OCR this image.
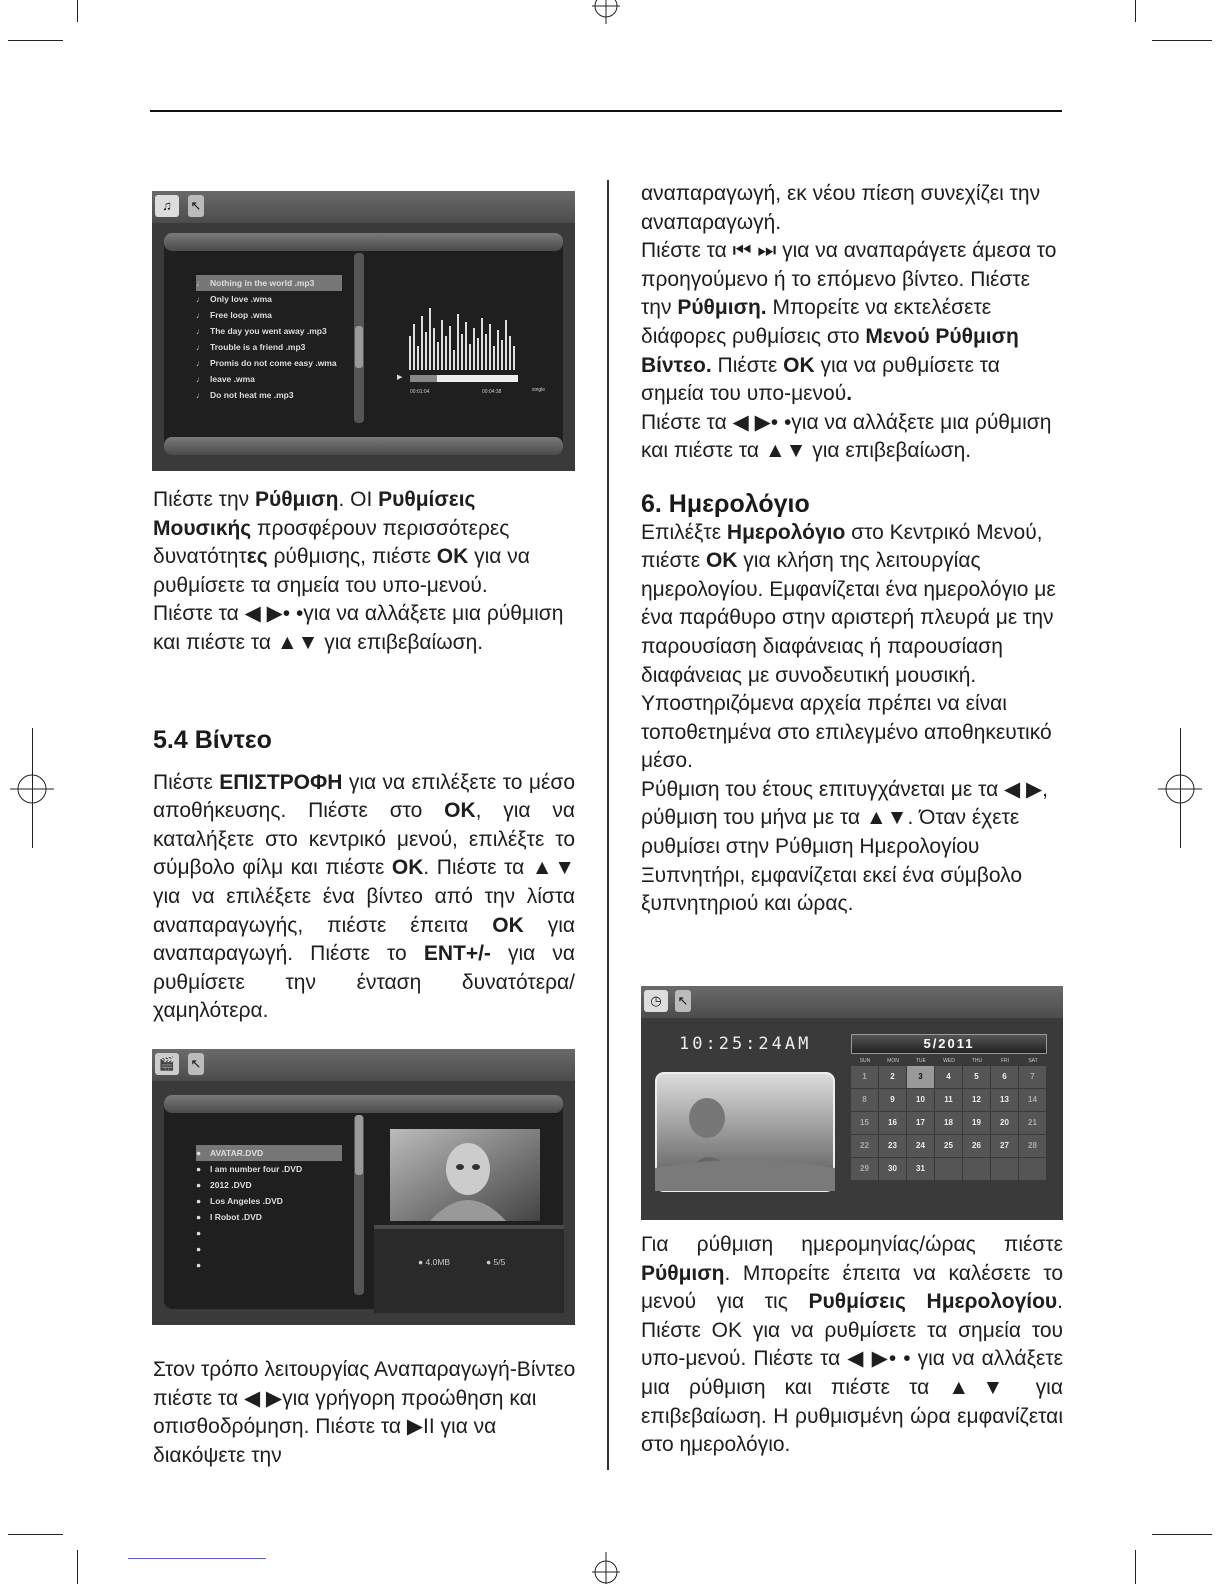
♫	↖
♩ Nothing in the world .mp3
♩ Only love .wma
♩ Free loop .wma
♩ The day you went away .mp3
♩ Trouble is a friend .mp3
♩ Promis do not come easy .wma
♩ leave .wma
♩ Do not heat me .mp3
▶
00:01:04	00:04:38	single

Πιέστε την Ρύθμιση. ΟΙ Ρυθμίσεις Μουσικής προσφέρουν περισσότερες δυνατότητες ρύθμισης, πιέστε OK για να ρυθμίσετε τα σημεία του υπο-μενού.

Πιέστε τα ◀ ▶• •για να αλλάξετε μια ρύθμιση και πιέστε τα ▲▼ για επιβεβαίωση.

5.4 Βίντεο

Πιέστε ΕΠΙΣΤΡΟΦΗ για να επιλέξετε το μέσο αποθήκευσης. Πιέστε στο OK, για να καταλήξετε στο κεντρικό μενού, επιλέξτε το σύμβολο φίλμ και πιέστε OK. Πιέστε τα ▲▼ για να επιλέξετε ένα βίντεο από την λίστα αναπαραγωγής, πιέστε έπειτα OK για αναπαραγωγή. Πιέστε το ΕΝΤ+/- για να ρυθμίσετε την ένταση δυνατότερα/χαμηλότερα.

🎬	↖
● AVATAR.DVD
● I am number four .DVD
● 2012 .DVD
● Los Angeles .DVD
● I Robot .DVD
●
●
●	● 4.0MB	● 5/5

Στον τρόπο λειτουργίας Αναπαραγωγή-Βίντεο πιέστε τα ◀ ▶για γρήγορη προώθηση και οπισθοδρόμηση. Πιέστε τα ▶II για να διακόψετε την

αναπαραγωγή, εκ νέου πίεση συνεχίζει την αναπαραγωγή.

Πιέστε τα ⏮ ⏭ για να αναπαράγετε άμεσα το προηγούμενο ή το επόμενο βίντεο. Πιέστε την Ρύθμιση. Μπορείτε να εκτελέσετε διάφορες ρυθμίσεις στο Μενού Ρύθμιση Βίντεο. Πιέστε OK για να ρυθμίσετε τα σημεία του υπο-μενού.

Πιέστε τα ◀ ▶• •για να αλλάξετε μια ρύθμιση και πιέστε τα ▲▼ για επιβεβαίωση.

6. Ημερολόγιο

Επιλέξτε Ημερολόγιο στο Κεντρικό Μενού, πιέστε OK για κλήση της λειτουργίας ημερολογίου. Εμφανίζεται ένα ημερολόγιο με ένα παράθυρο στην αριστερή πλευρά με την παρουσίαση διαφάνειας ή παρουσίαση διαφάνειας με συνοδευτική μουσική. Υποστηριζόμενα αρχεία πρέπει να είναι τοποθετημένα στο επιλεγμένο αποθηκευτικό μέσο.

Ρύθμιση του έτους επιτυγχάνεται με τα ◀ ▶, ρύθμιση του μήνα με τα ▲▼. Όταν έχετε ρυθμίσει στην Ρύθμιση Ημερολογίου Ξυπνητήρι, εμφανίζεται εκεί ένα σύμβολο ξυπνητηριού και ώρας.

◷	↖
10:25:24AM	5/2011
SUN	MON	TUE	WED	THU	FRI	SAT
1	2	3	4	5	6	7
8	9	10	11	12	13	14
15	16	17	18	19	20	21
22	23	24	25	26	27	28
29	30	31

Για ρύθμιση ημερομηνίας/ώρας πιέστε Ρύθμιση. Μπορείτε έπειτα να καλέσετε το μενού για τις Ρυθμίσεις Ημερολογίου. Πιέστε OK για να ρυθμίσετε τα σημεία του υπο-μενού. Πιέστε τα ◀ ▶• • για να αλλάξετε μια ρύθμιση και πιέστε τα ▲▼ για επιβεβαίωση. Η ρυθμισμένη ώρα εμφανίζεται στο ημερολόγιο.
